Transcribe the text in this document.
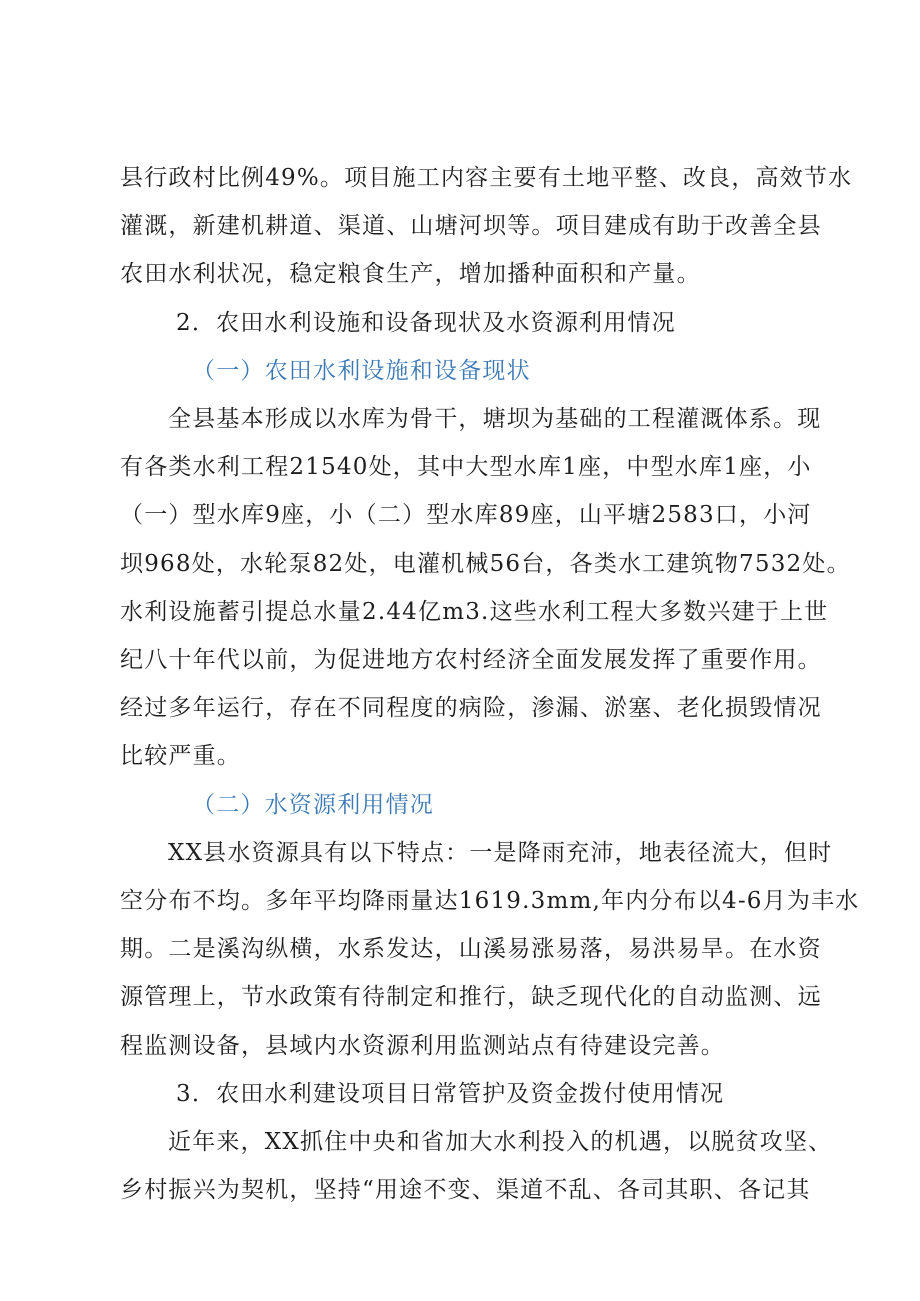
县行政村比例49%。项目施工内容主要有土地平整、改良，高效节水
灌溉，新建机耕道、渠道、山塘河坝等。项目建成有助于改善全县
农田水利状况，稳定粮食生产，增加播种面积和产量。
2．农田水利设施和设备现状及水资源利用情况
（一）农田水利设施和设备现状
全县基本形成以水库为骨干，塘坝为基础的工程灌溉体系。现
有各类水利工程21540处，其中大型水库1座，中型水库1座，小
（一）型水库9座，小（二）型水库89座，山平塘2583口，小河
坝968处，水轮泵82处，电灌机械56台，各类水工建筑物7532处。
水利设施蓄引提总水量2.44亿m3.这些水利工程大多数兴建于上世
纪八十年代以前，为促进地方农村经济全面发展发挥了重要作用。
经过多年运行，存在不同程度的病险，渗漏、淤塞、老化损毁情况
比较严重。
（二）水资源利用情况
XX县水资源具有以下特点：一是降雨充沛，地表径流大，但时
空分布不均。多年平均降雨量达1619.3mm,年内分布以4-6月为丰水
期。二是溪沟纵横，水系发达，山溪易涨易落，易洪易旱。在水资
源管理上，节水政策有待制定和推行，缺乏现代化的自动监测、远
程监测设备，县域内水资源利用监测站点有待建设完善。
3．农田水利建设项目日常管护及资金拨付使用情况
近年来，XX抓住中央和省加大水利投入的机遇，以脱贫攻坚、
乡村振兴为契机，坚持“用途不变、渠道不乱、各司其职、各记其
